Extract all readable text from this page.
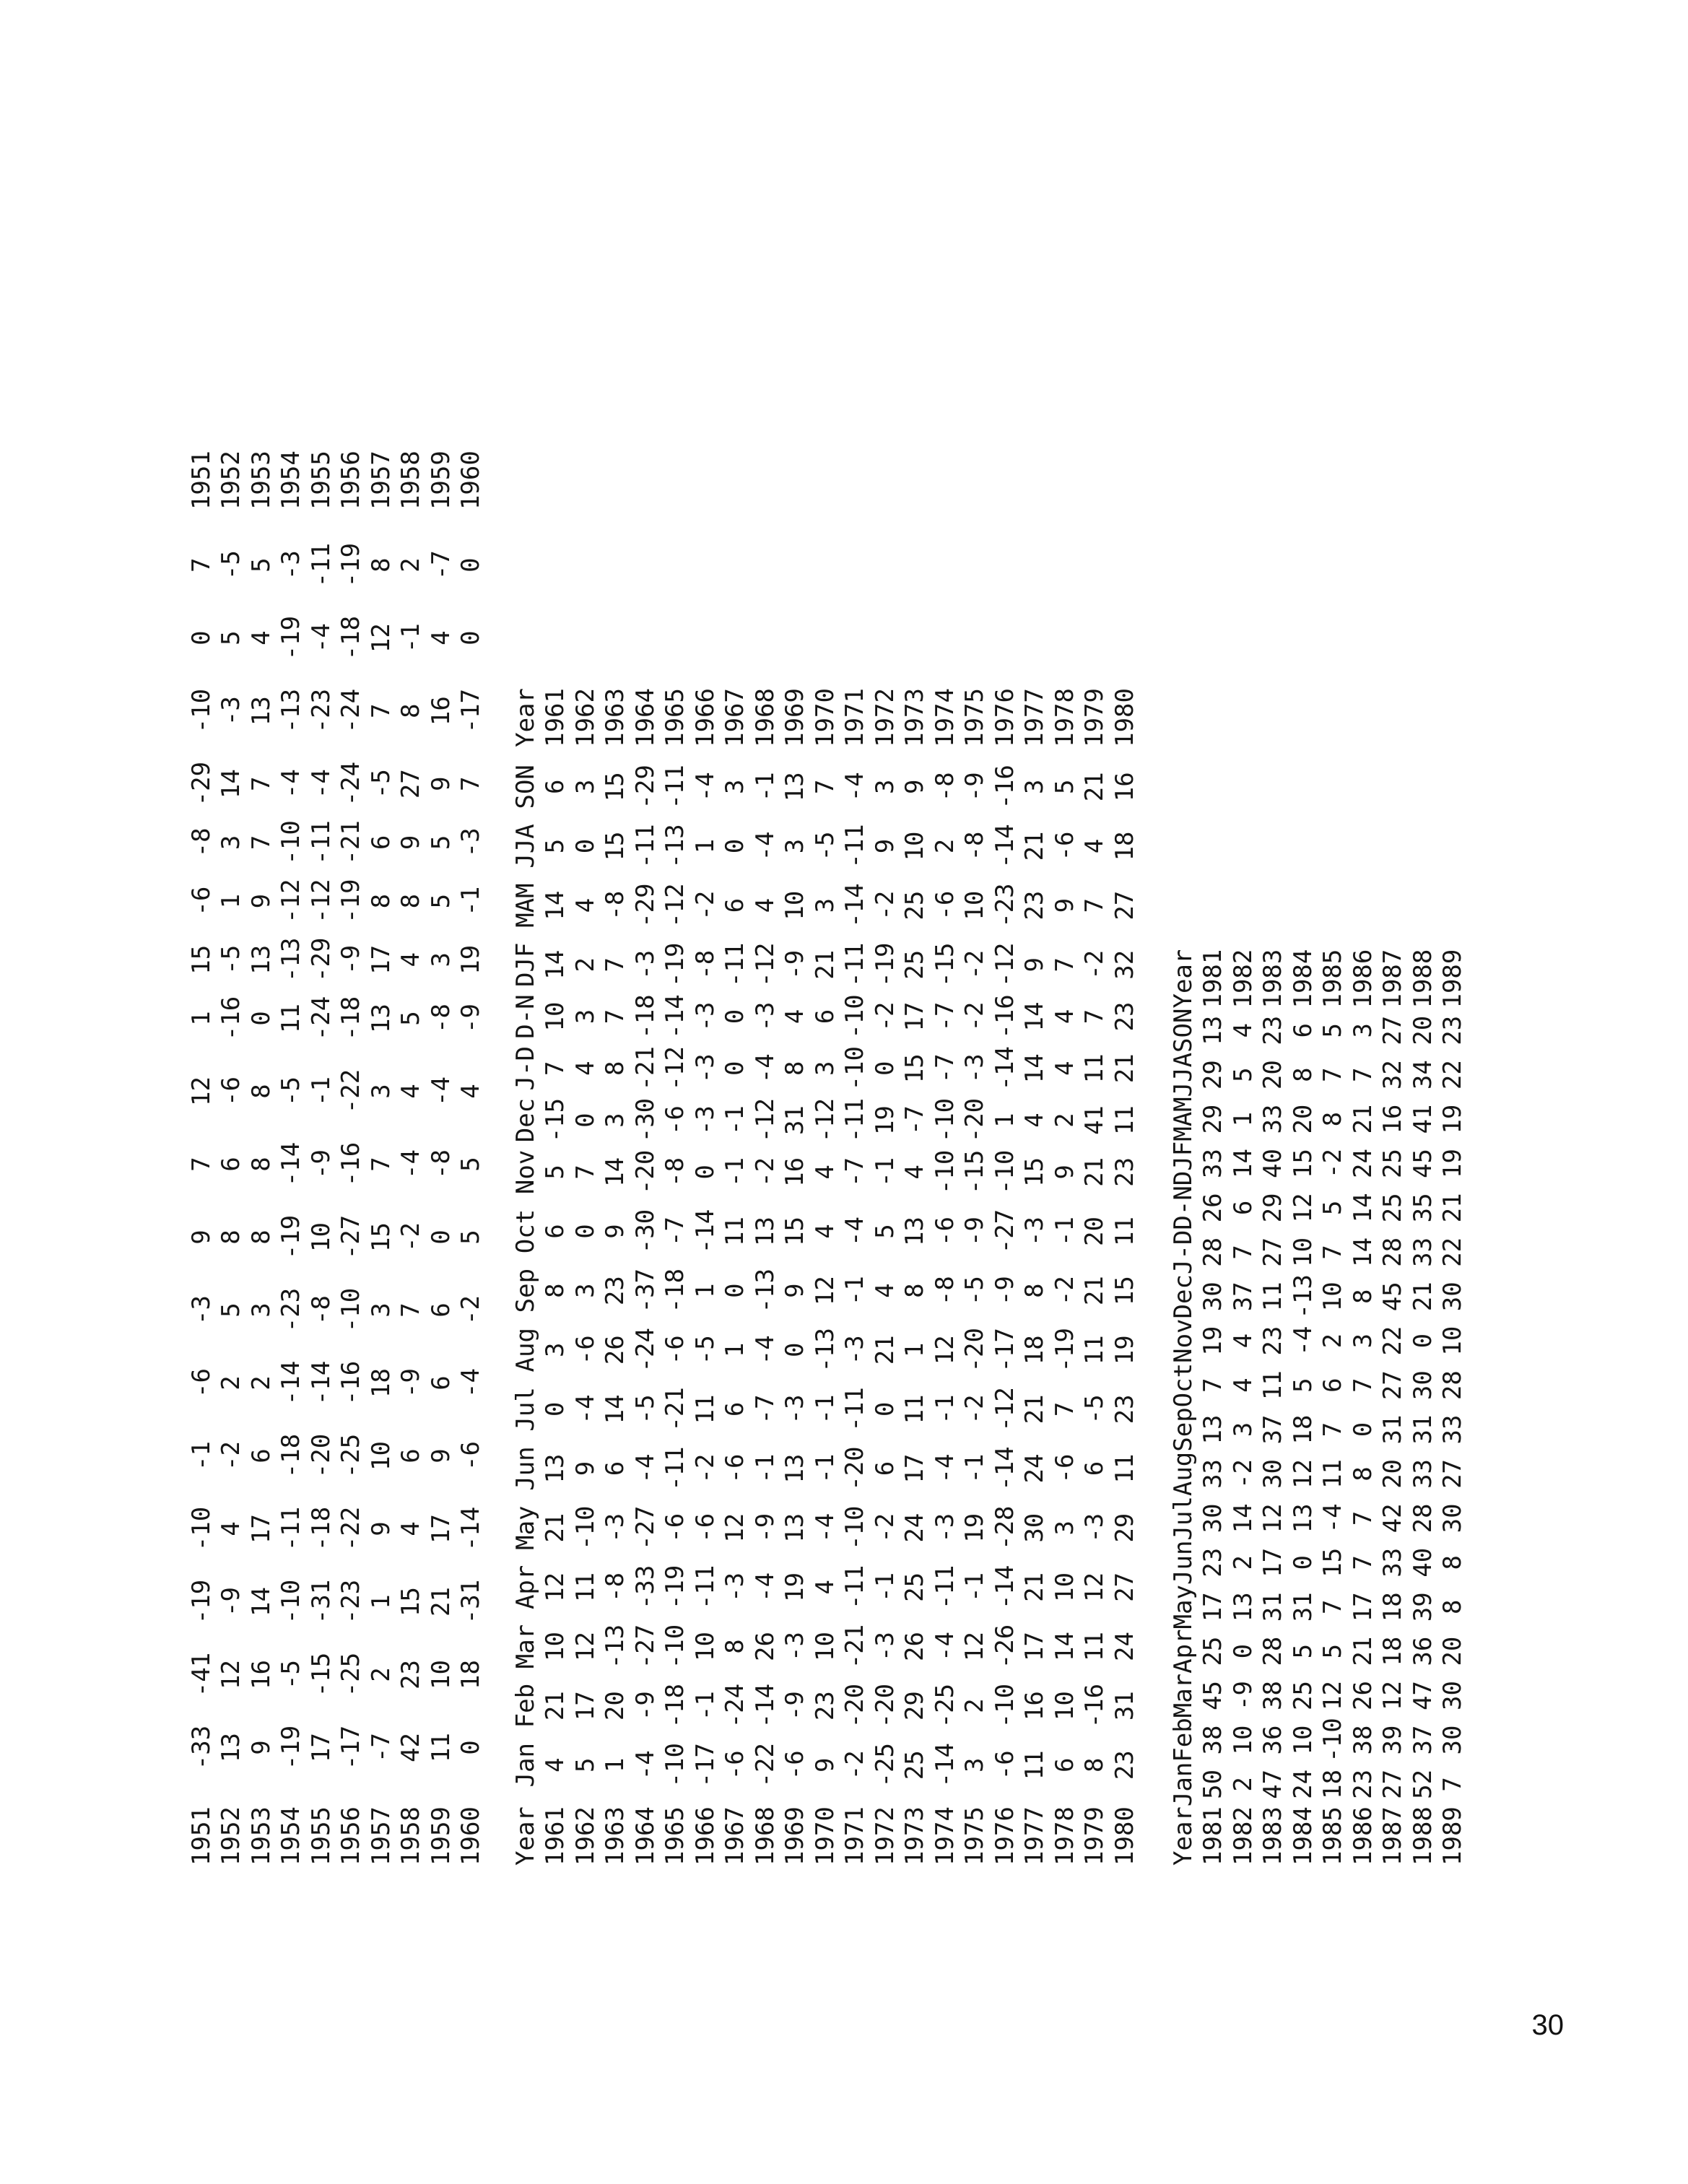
1951	-33	-41	-19	-10	-1	-6	-3	9	7	12	1	15	-6	-8	-29	-10	0	7	1951
1952	13	12	-9	4	-2	2	5	8	6	-6	-16	-5	1	3	14	-3	5	-5	1952
1953	9	16	14	17	6	2	3	8	8	8	0	13	9	7	7	13	4	5	1953
1954	-19	-5	-10	-11	-18	-14	-23	-19	-14	-5	11	-13	-12	-10	-4	-13	-19	-3	1954
1955	17	-15	-31	-18	-20	-14	-8	10	-9	-1	-24	-29	-12	-11	-4	-23	-4	-11	1955
1956	-17	-25	-23	-22	-25	-16	-10	-27	-16	-22	-18	-9	-19	-21	-24	-24	-18	-19	1956
1957	-7	2	1	9	10	18	3	15	7	3	13	17	8	6	-5	7	12	8	1957
1958	42	23	15	4	6	-9	7	-2	-4	4	5	4	8	9	27	8	-1	2	1958
1959	11	10	21	17	9	6	6	0	-8	-4	-8	3	5	5	9	16	4	-7	1959
1960	0	18	-31	-14	-6	-4	-2	5	5	4	-9	19	-1	-3	7	-17	0	0	1960
Year	Jan	Feb	Mar	Apr	May	Jun	Jul	Aug	Sep	Oct	Nov	Dec	J-D	D-N	DJF	MAM	JJA	SON	Year
1961	4	21	10	12	21	13	0	3	8	6	5	-15	7	10	14	14	5	6	1961
1962	5	17	12	11	-10	9	-4	-6	3	0	7	0	4	3	2	4	0	3	1962
1963	1	20	-13	-8	-3	6	14	26	23	9	14	3	8	7	7	-8	15	15	1963
1964	-4	-9	-27	-33	-27	-4	-5	-24	-37	-30	-20	-30	-21	-18	-3	-29	-11	-29	1964
1965	-10	-18	-10	-19	-6	-11	-21	-6	-18	-7	-8	-6	-12	-14	-19	-12	-13	-11	1965
1966	-17	-1	10	-11	-6	-2	11	-5	1	-14	0	-3	-3	-3	-8	-2	1	-4	1966
1967	-6	-24	8	-3	12	-6	6	1	0	11	-1	-1	0	0	-11	6	0	3	1967
1968	-22	-14	26	-4	-9	-1	-7	-4	-13	13	-2	-12	-4	-3	-12	4	-4	-1	1968
1969	-6	-9	-3	19	13	13	-3	0	9	15	16	31	8	4	-9	10	3	13	1969
1970	9	23	10	4	-4	-1	-1	-13	12	4	4	-12	3	6	21	3	-5	7	1970
1971	-2	-20	-21	-11	-10	-20	-11	-3	-1	-4	-7	-11	-10	-10	-11	-14	-11	-4	1971
1972	-25	-20	-3	-1	-2	6	0	21	4	5	-1	19	0	-2	-19	-2	9	3	1972
1973	25	29	26	25	24	17	11	1	8	13	4	-7	15	17	25	25	10	9	1973
1974	-14	-25	-4	-11	-3	-4	-1	12	-8	-6	-10	-10	-7	-7	-15	-6	2	-8	1974
1975	3	2	12	-1	19	-1	-2	-20	-5	-9	-15	-20	-3	-2	-2	10	-8	-9	1975
1976	-6	-10	-26	-14	-28	-14	-12	-17	-9	-27	-10	1	-14	-16	-12	-23	-14	-16	1976
1977	11	16	17	21	30	24	21	18	8	-3	15	4	14	14	9	23	21	3	1977
1978	6	10	14	10	3	-6	7	-19	-2	-1	9	2	4	4	7	9	-6	5	1978
1979	8	-16	11	12	-3	6	-5	11	21	20	21	41	11	7	-2	7	4	21	1979
1980	23	31	24	27	29	11	23	19	15	11	23	11	21	23	32	27	18	16	1980
Year	Jan	Feb	Mar	Apr	May	Jun	Jul	Aug	Sep	Oct	Nov	Dec	J-D	D-N	DJF	MAM	JJA	SON	Year
1981	50	38	45	25	17	23	30	33	13	7	19	30	28	26	33	29	29	13	1981
1982	2	10	-9	0	13	2	14	-2	3	4	4	37	7	6	14	1	5	4	1982
1983	47	36	38	28	31	17	12	30	37	11	23	11	27	29	40	33	20	23	1983
1984	24	10	25	5	31	0	13	12	18	5	-4	-13	10	12	15	20	8	6	1984
1985	18	-10	12	5	7	15	-4	11	7	6	2	10	7	5	-2	8	7	5	1985
1986	23	38	26	21	17	7	7	8	0	7	3	8	14	14	24	21	7	3	1986
1987	27	39	12	18	18	33	42	20	31	27	22	45	28	25	25	16	32	27	1987
1988	52	37	47	36	39	40	28	33	31	30	0	21	33	35	45	41	34	20	1988
1989	7	30	30	20	8	8	30	27	33	28	10	30	22	21	19	19	22	23	1989
30
